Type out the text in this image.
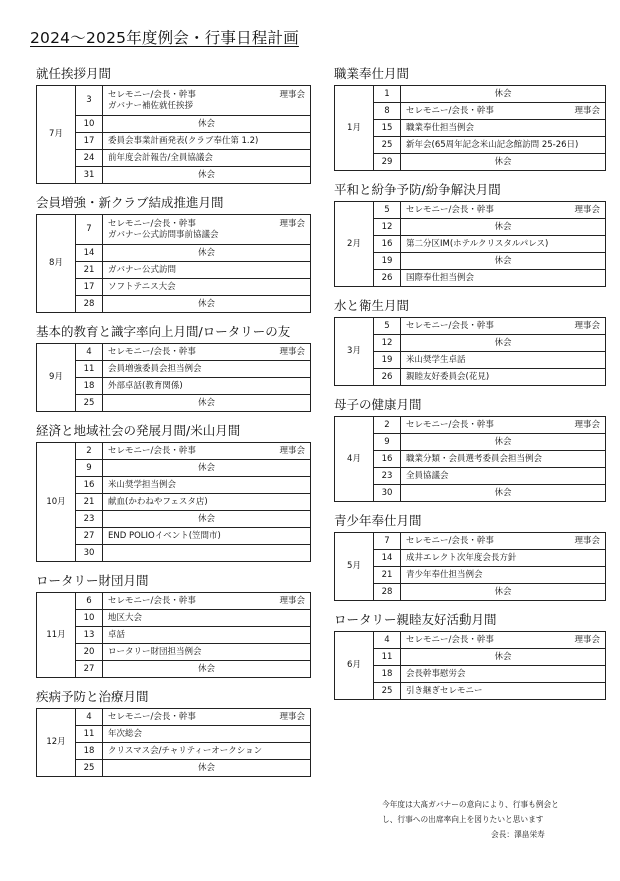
2024〜2025年度例会・行事日程計画
就任挨拶月間
7月	3	セレモニー/会長・幹事 理事会
ガバナー補佐就任挨拶

	10	休会
	17	委員会事業計画発表(クラブ奉仕第 1.2)

	24	前年度会計報告/全員協議会

	31	休会
会員増強・新クラブ結成推進月間
8月	7	セレモニー/会長・幹事 理事会
ガバナー公式訪問事前協議会

	14	休会
	21	ガバナー公式訪問

	17	ソフトテニス大会

	28	休会
基本的教育と識字率向上月間/ロータリーの友
9月	4	セレモニー/会長・幹事 理事会

	11	会員増強委員会担当例会

	18	外部卓話(教育関係)

	25	休会
経済と地域社会の発展月間/米山月間
10月	2	セレモニー/会長・幹事 理事会

	9	休会
	16	米山奨学担当例会

	21	献血(かわねやフェスタ店)

	23	休会
	27	END POLIOイベント(笠間市)

	30	
ロータリー財団月間
11月	6	セレモニー/会長・幹事 理事会

	10	地区大会

	13	卓話

	20	ロータリー財団担当例会

	27	休会
疾病予防と治療月間
12月	4	セレモニー/会長・幹事 理事会

	11	年次総会

	18	クリスマス会/チャリティーオークション

	25	休会
職業奉仕月間
1月	1	休会
	8	セレモニー/会長・幹事 理事会

	15	職業奉仕担当例会

	25	新年会(65周年記念米山記念館訪問 25-26日)

	29	休会
平和と紛争予防/紛争解決月間
2月	5	セレモニー/会長・幹事 理事会

	12	休会
	16	第二分区IM(ホテルクリスタルパレス)

	19	休会
	26	国際奉仕担当例会
水と衛生月間
3月	5	セレモニー/会長・幹事 理事会

	12	休会
	19	米山奨学生卓話

	26	親睦友好委員会(花見)
母子の健康月間
4月	2	セレモニー/会長・幹事 理事会

	9	休会
	16	職業分類・会員選考委員会担当例会

	23	全員協議会

	30	休会
青少年奉仕月間
5月	7	セレモニー/会長・幹事 理事会

	14	成井エレクト次年度会長方針

	21	青少年奉仕担当例会

	28	休会
ロータリー親睦友好活動月間
6月	4	セレモニー/会長・幹事 理事会

	11	休会
	18	会長幹事慰労会

	25	引き継ぎセレモニー
今年度は大髙ガバナーの意向により、行事も例会と
し、行事への出席率向上を図りたいと思います
会長：澤畠栄寿
